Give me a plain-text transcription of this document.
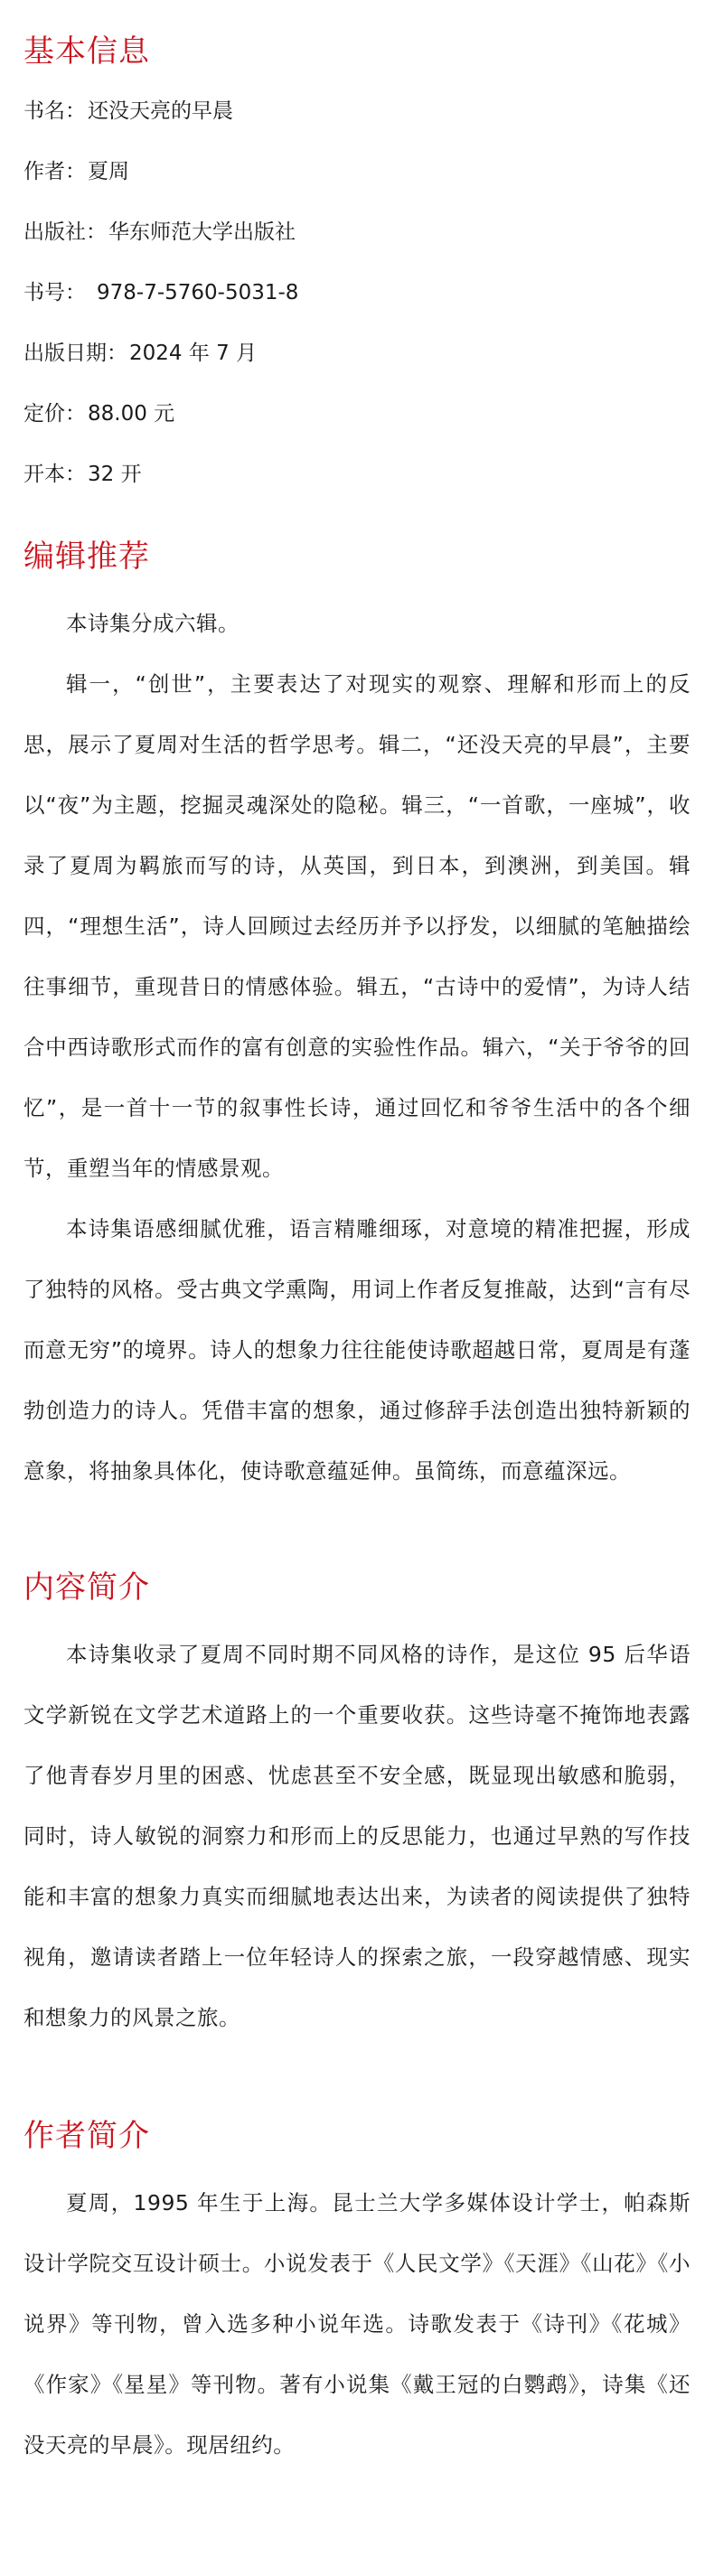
基本信息

书名：还没天亮的早晨

作者：夏周

出版社：华东师范大学出版社

书号： 978-7-5760-5031-8

出版日期：2024 年 7 月

定价：88.00 元

开本：32 开

编辑推荐

本诗集分成六辑。

辑一，“创世”，主要表达了对现实的观察、理解和形而上的反思，展示了夏周对生活的哲学思考。辑二，“还没天亮的早晨”，主要以“夜”为主题，挖掘灵魂深处的隐秘。辑三，“一首歌，一座城”，收录了夏周为羁旅而写的诗，从英国，到日本，到澳洲，到美国。辑四，“理想生活”，诗人回顾过去经历并予以抒发，以细腻的笔触描绘往事细节，重现昔日的情感体验。辑五，“古诗中的爱情”，为诗人结合中西诗歌形式而作的富有创意的实验性作品。辑六，“关于爷爷的回忆”，是一首十一节的叙事性长诗，通过回忆和爷爷生活中的各个细节，重塑当年的情感景观。

本诗集语感细腻优雅，语言精雕细琢，对意境的精准把握，形成了独特的风格。受古典文学熏陶，用词上作者反复推敲，达到“言有尽而意无穷”的境界。诗人的想象力往往能使诗歌超越日常，夏周是有蓬勃创造力的诗人。凭借丰富的想象，通过修辞手法创造出独特新颖的意象，将抽象具体化，使诗歌意蕴延伸。虽简练，而意蕴深远。

内容简介

本诗集收录了夏周不同时期不同风格的诗作，是这位 95 后华语文学新锐在文学艺术道路上的一个重要收获。这些诗毫不掩饰地表露了他青春岁月里的困惑、忧虑甚至不安全感，既显现出敏感和脆弱，同时，诗人敏锐的洞察力和形而上的反思能力，也通过早熟的写作技能和丰富的想象力真实而细腻地表达出来，为读者的阅读提供了独特视角，邀请读者踏上一位年轻诗人的探索之旅，一段穿越情感、现实和想象力的风景之旅。

作者简介

夏周，1995 年生于上海。昆士兰大学多媒体设计学士，帕森斯设计学院交互设计硕士。小说发表于《人民文学》《天涯》《山花》《小说界》等刊物，曾入选多种小说年选。诗歌发表于《诗刊》《花城》《作家》《星星》等刊物。著有小说集《戴王冠的白鹦鹉》，诗集《还没天亮的早晨》。现居纽约。
